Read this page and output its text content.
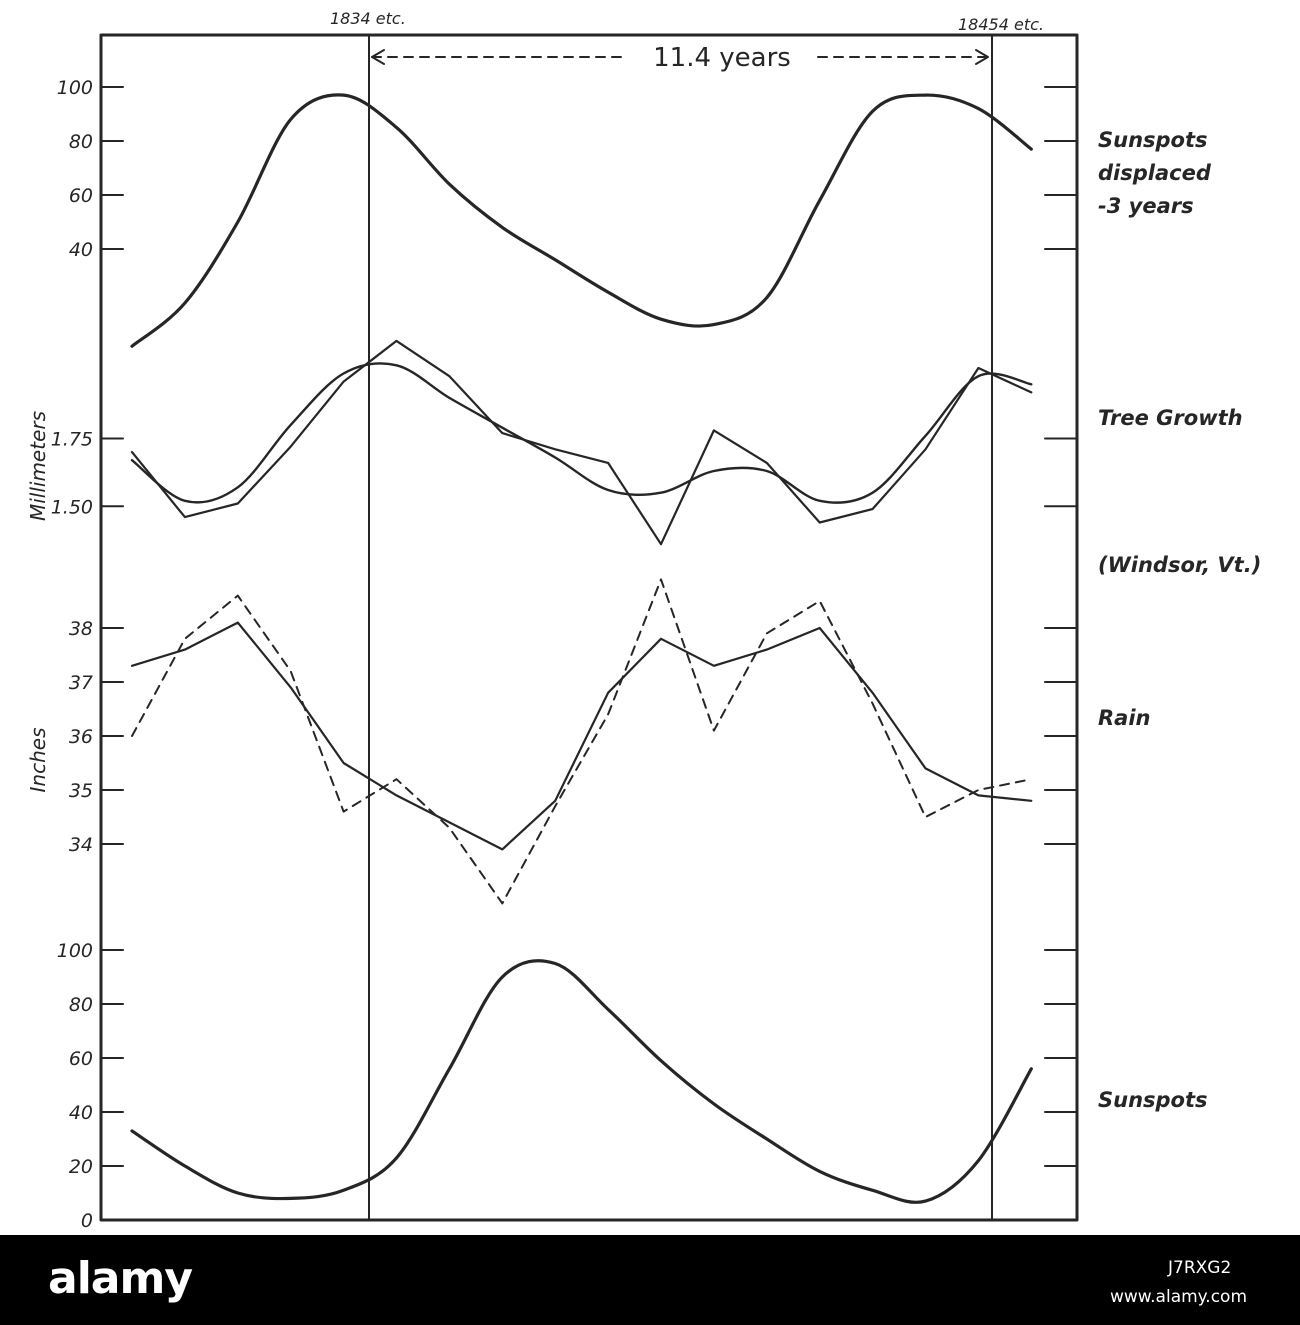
1834 etc.	18454 etc.
11.4 years
100
80
60
40
Sunspots
displaced
-3 years
1.75
1.50
Tree Growth
(Windsor, Vt.)
Millimeters
38
37
36
35
34
Rain
Inches
100
80
60
40
20
0
Sunspots
alamy	J7RXG2
www.alamy.com
